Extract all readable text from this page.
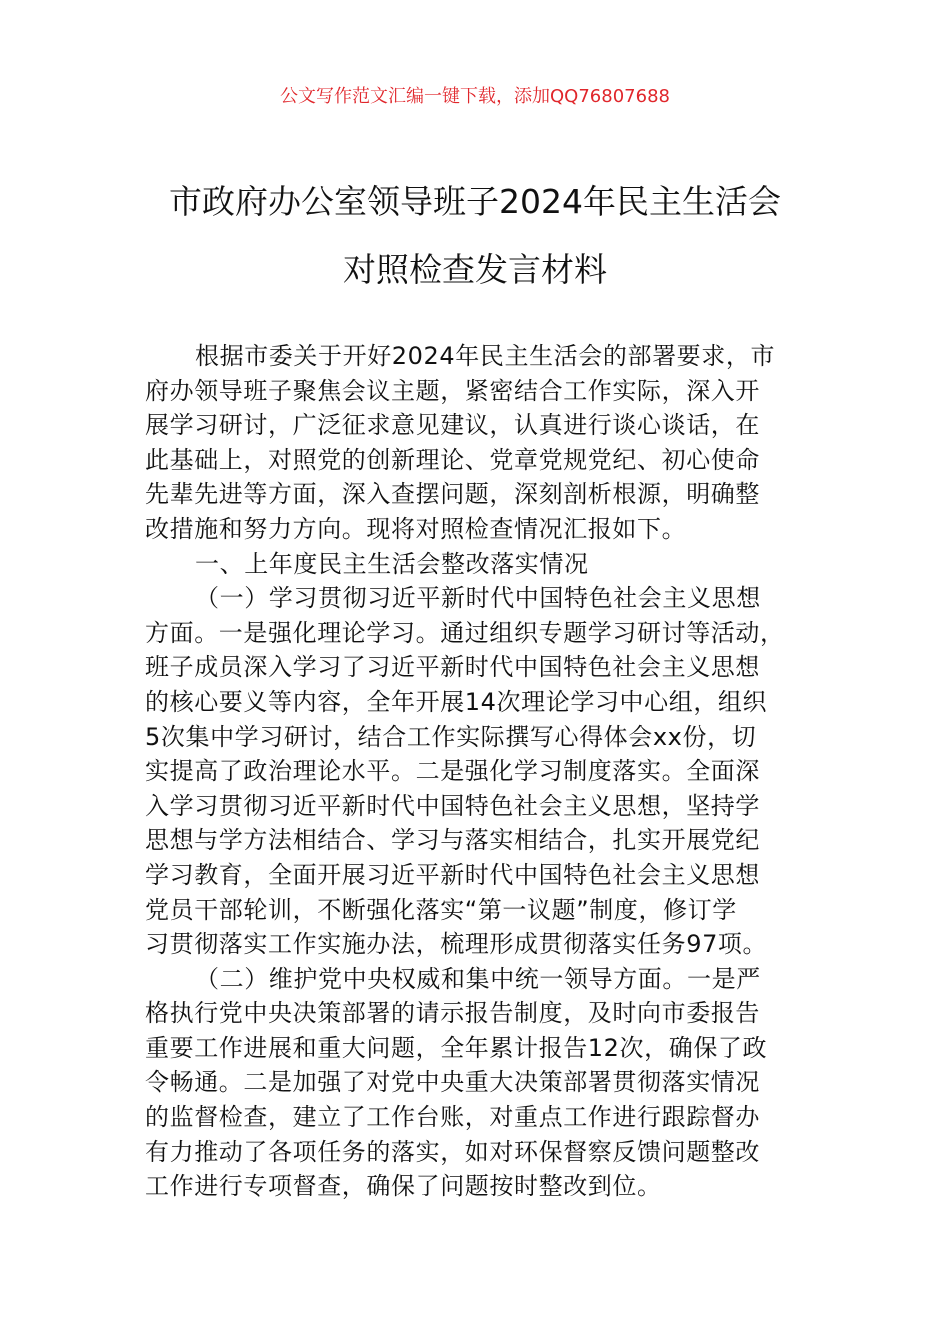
公文写作范文汇编一键下载，添加QQ76807688
市政府办公室领导班子2024年民主生活会
对照检查发言材料
根据市委关于开好2024年民主生活会的部署要求，市
府办领导班子聚焦会议主题，紧密结合工作实际，深入开
展学习研讨，广泛征求意见建议，认真进行谈心谈话，在
此基础上，对照党的创新理论、党章党规党纪、初心使命
先辈先进等方面，深入查摆问题，深刻剖析根源，明确整
改措施和努力方向。现将对照检查情况汇报如下。
一、上年度民主生活会整改落实情况
（一）学习贯彻习近平新时代中国特色社会主义思想
方面。一是强化理论学习。通过组织专题学习研讨等活动，
班子成员深入学习了习近平新时代中国特色社会主义思想
的核心要义等内容，全年开展14次理论学习中心组，组织
5次集中学习研讨，结合工作实际撰写心得体会xx份，切
实提高了政治理论水平。二是强化学习制度落实。全面深
入学习贯彻习近平新时代中国特色社会主义思想，坚持学
思想与学方法相结合、学习与落实相结合，扎实开展党纪
学习教育，全面开展习近平新时代中国特色社会主义思想
党员干部轮训，不断强化落实“第一议题”制度，修订学
习贯彻落实工作实施办法，梳理形成贯彻落实任务97项。
（二）维护党中央权威和集中统一领导方面。一是严
格执行党中央决策部署的请示报告制度，及时向市委报告
重要工作进展和重大问题，全年累计报告12次，确保了政
令畅通。二是加强了对党中央重大决策部署贯彻落实情况
的监督检查，建立了工作台账，对重点工作进行跟踪督办
有力推动了各项任务的落实，如对环保督察反馈问题整改
工作进行专项督查，确保了问题按时整改到位。
